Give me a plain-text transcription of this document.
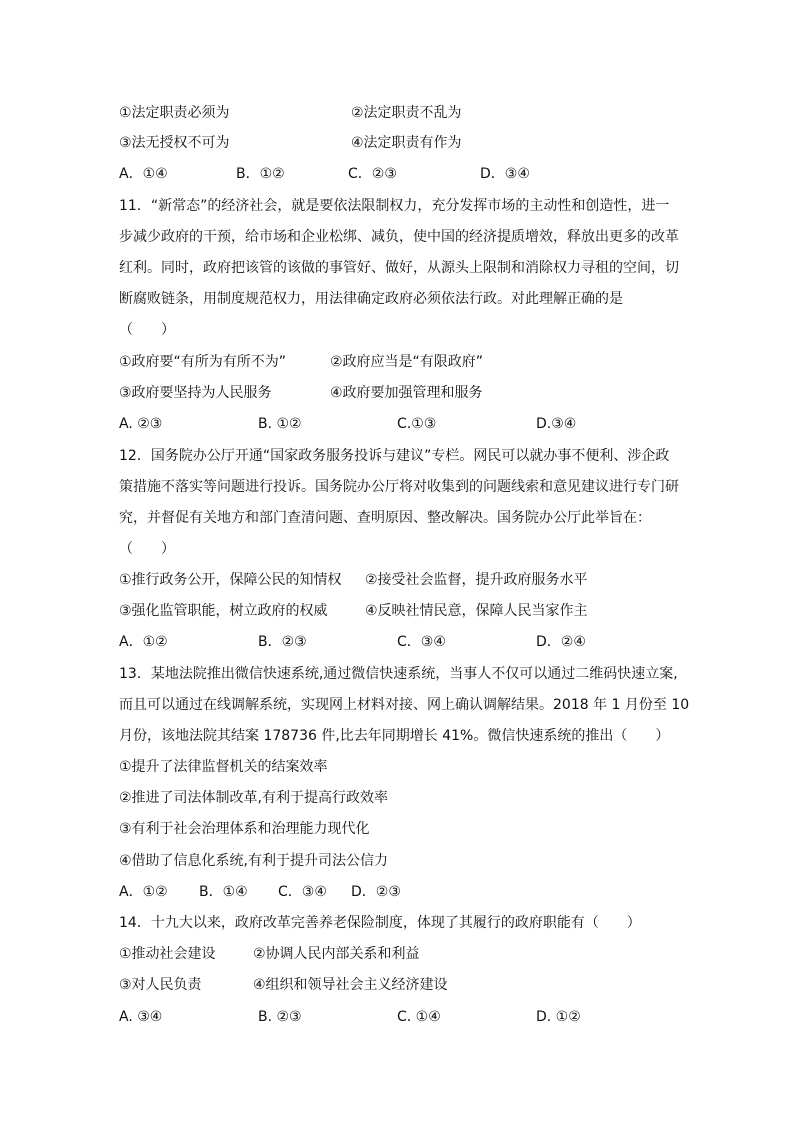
①法定职责必须为	②法定职责不乱为
③法无授权不可为	④法定职责有作为
A．①④	B．①②	C．②③	D．③④
11．“新常态”的经济社会，就是要依法限制权力，充分发挥市场的主动性和创造性，进一
步减少政府的干预，给市场和企业松绑、减负，使中国的经济提质增效，释放出更多的改革
红利。同时，政府把该管的该做的事管好、做好，从源头上限制和消除权力寻租的空间，切
断腐败链条，用制度规范权力，用法律确定政府必须依法行政。对此理解正确的是
（　　）
①政府要“有所为有所不为”	②政府应当是“有限政府”
③政府要坚持为人民服务	④政府要加强管理和服务
A. ②③	B. ①②	C.①③	D.③④
12．国务院办公厅开通“国家政务服务投诉与建议”专栏。网民可以就办事不便利、涉企政
策措施不落实等问题进行投诉。国务院办公厅将对收集到的问题线索和意见建议进行专门研
究，并督促有关地方和部门查清问题、查明原因、整改解决。国务院办公厅此举旨在：
（　　）
①推行政务公开，保障公民的知情权	②接受社会监督，提升政府服务水平
③强化监管职能，树立政府的权威	④反映社情民意，保障人民当家作主
A．①②	B．②③	C．③④	D．②④
13．某地法院推出微信快速系统,通过微信快速系统，当事人不仅可以通过二维码快速立案,
而且可以通过在线调解系统，实现网上材料对接、网上确认调解结果。2018 年 1 月份至 10
月份，该地法院其结案 178736 件,比去年同期增长 41%。微信快速系统的推出（　　）
①提升了法律监督机关的结案效率
②推进了司法体制改革,有利于提高行政效率
③有利于社会治理体系和治理能力现代化
④借助了信息化系统,有利于提升司法公信力
A．①②	B．①④	C．③④	D．②③
14．十九大以来，政府改革完善养老保险制度，体现了其履行的政府职能有（　　）
①推动社会建设	②协调人民内部关系和利益
③对人民负责	④组织和领导社会主义经济建设
A. ③④	B. ②③	C. ①④	D. ①②
